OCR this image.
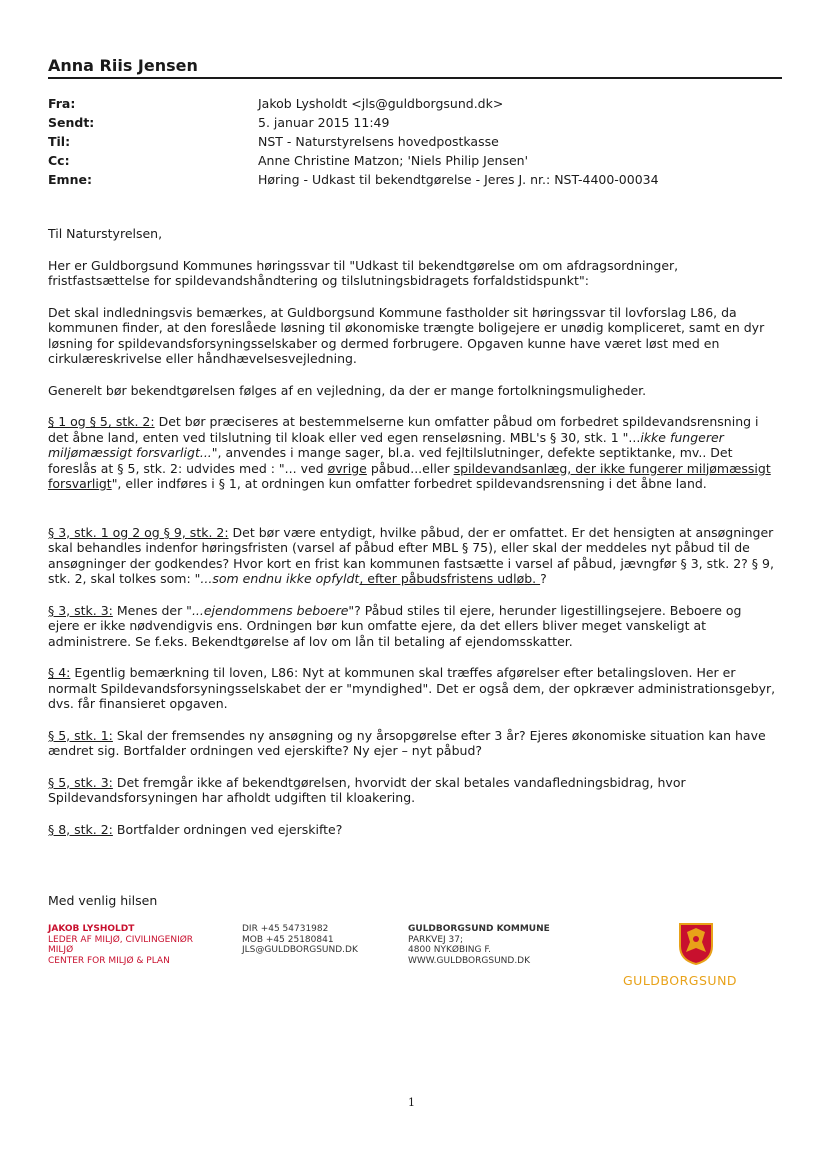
Anna Riis Jensen
Fra:	Jakob Lysholdt <jls@guldborgsund.dk>
Sendt:	5. januar 2015 11:49
Til:	NST - Naturstyrelsens hovedpostkasse
Cc:	Anne Christine Matzon; 'Niels Philip Jensen'
Emne:	Høring - Udkast til bekendtgørelse - Jeres J. nr.: NST-4400-00034

Til Naturstyrelsen,

Her er Guldborgsund Kommunes høringssvar til "Udkast til bekendtgørelse om om afdragsordninger, fristfastsættelse for spildevandshåndtering og tilslutningsbidragets forfaldstidspunkt":

Det skal indledningsvis bemærkes, at Guldborgsund Kommune fastholder sit høringssvar til lovforslag L86, da kommunen finder, at den foreslåede løsning til økonomiske trængte boligejere er unødig kompliceret, samt en dyr løsning for spildevandsforsyningsselskaber og dermed forbrugere. Opgaven kunne have været løst med en cirkulæreskrivelse eller håndhævelsesvejledning.

Generelt bør bekendtgørelsen følges af en vejledning, da der er mange fortolkningsmuligheder.

§ 1 og § 5, stk. 2: Det bør præciseres at bestemmelserne kun omfatter påbud om forbedret spildevandsrensning i det åbne land, enten ved tilslutning til kloak eller ved egen renseløsning. MBL's § 30, stk. 1 "...ikke fungerer miljømæssigt forsvarligt...", anvendes i mange sager, bl.a. ved fejltilslutninger, defekte septiktanke, mv.. Det foreslås at § 5, stk. 2: udvides med : "... ved øvrige påbud...eller spildevandsanlæg, der ikke fungerer miljømæssigt forsvarligt", eller indføres i § 1, at ordningen kun omfatter forbedret spildevandsrensning i det åbne land.

§ 3, stk. 1 og 2 og § 9, stk. 2: Det bør være entydigt, hvilke påbud, der er omfattet. Er det hensigten at ansøgninger skal behandles indenfor høringsfristen (varsel af påbud efter MBL § 75), eller skal der meddeles nyt påbud til de ansøgninger der godkendes? Hvor kort en frist kan kommunen fastsætte i varsel af påbud, jævngfør § 3, stk. 2? § 9, stk. 2, skal tolkes som: "...som endnu ikke opfyldt, efter påbudsfristens udløb. ?

§ 3, stk. 3: Menes der "...ejendommens beboere"? Påbud stiles til ejere, herunder ligestillingsejere. Beboere og ejere er ikke nødvendigvis ens. Ordningen bør kun omfatte ejere, da det ellers bliver meget vanskeligt at administrere. Se f.eks. Bekendtgørelse af lov om lån til betaling af ejendomsskatter.

§ 4: Egentlig bemærkning til loven, L86: Nyt at kommunen skal træffes afgørelser efter betalingsloven. Her er normalt Spildevandsforsyningsselskabet der er "myndighed". Det er også dem, der opkræver administrationsgebyr, dvs. får finansieret opgaven.

§ 5, stk. 1: Skal der fremsendes ny ansøgning og ny årsopgørelse efter 3 år? Ejeres økonomiske situation kan have ændret sig. Bortfalder ordningen ved ejerskifte? Ny ejer – nyt påbud?

§ 5, stk. 3: Det fremgår ikke af bekendtgørelsen, hvorvidt der skal betales vandafledningsbidrag, hvor Spildevandsforsyningen har afholdt udgiften til kloakering.

§ 8, stk. 2: Bortfalder ordningen ved ejerskifte?

Med venlig hilsen
JAKOB LYSHOLDT
LEDER AF MILJØ, CIVILINGENIØR
MILJØ
CENTER FOR MILJØ & PLAN
DIR +45 54731982
MOB +45 25180841
JLS@GULDBORGSUND.DK
GULDBORGSUND KOMMUNE
PARKVEJ 37;
4800 NYKØBING F.
WWW.GULDBORGSUND.DK
GULDBORGSUND
1
